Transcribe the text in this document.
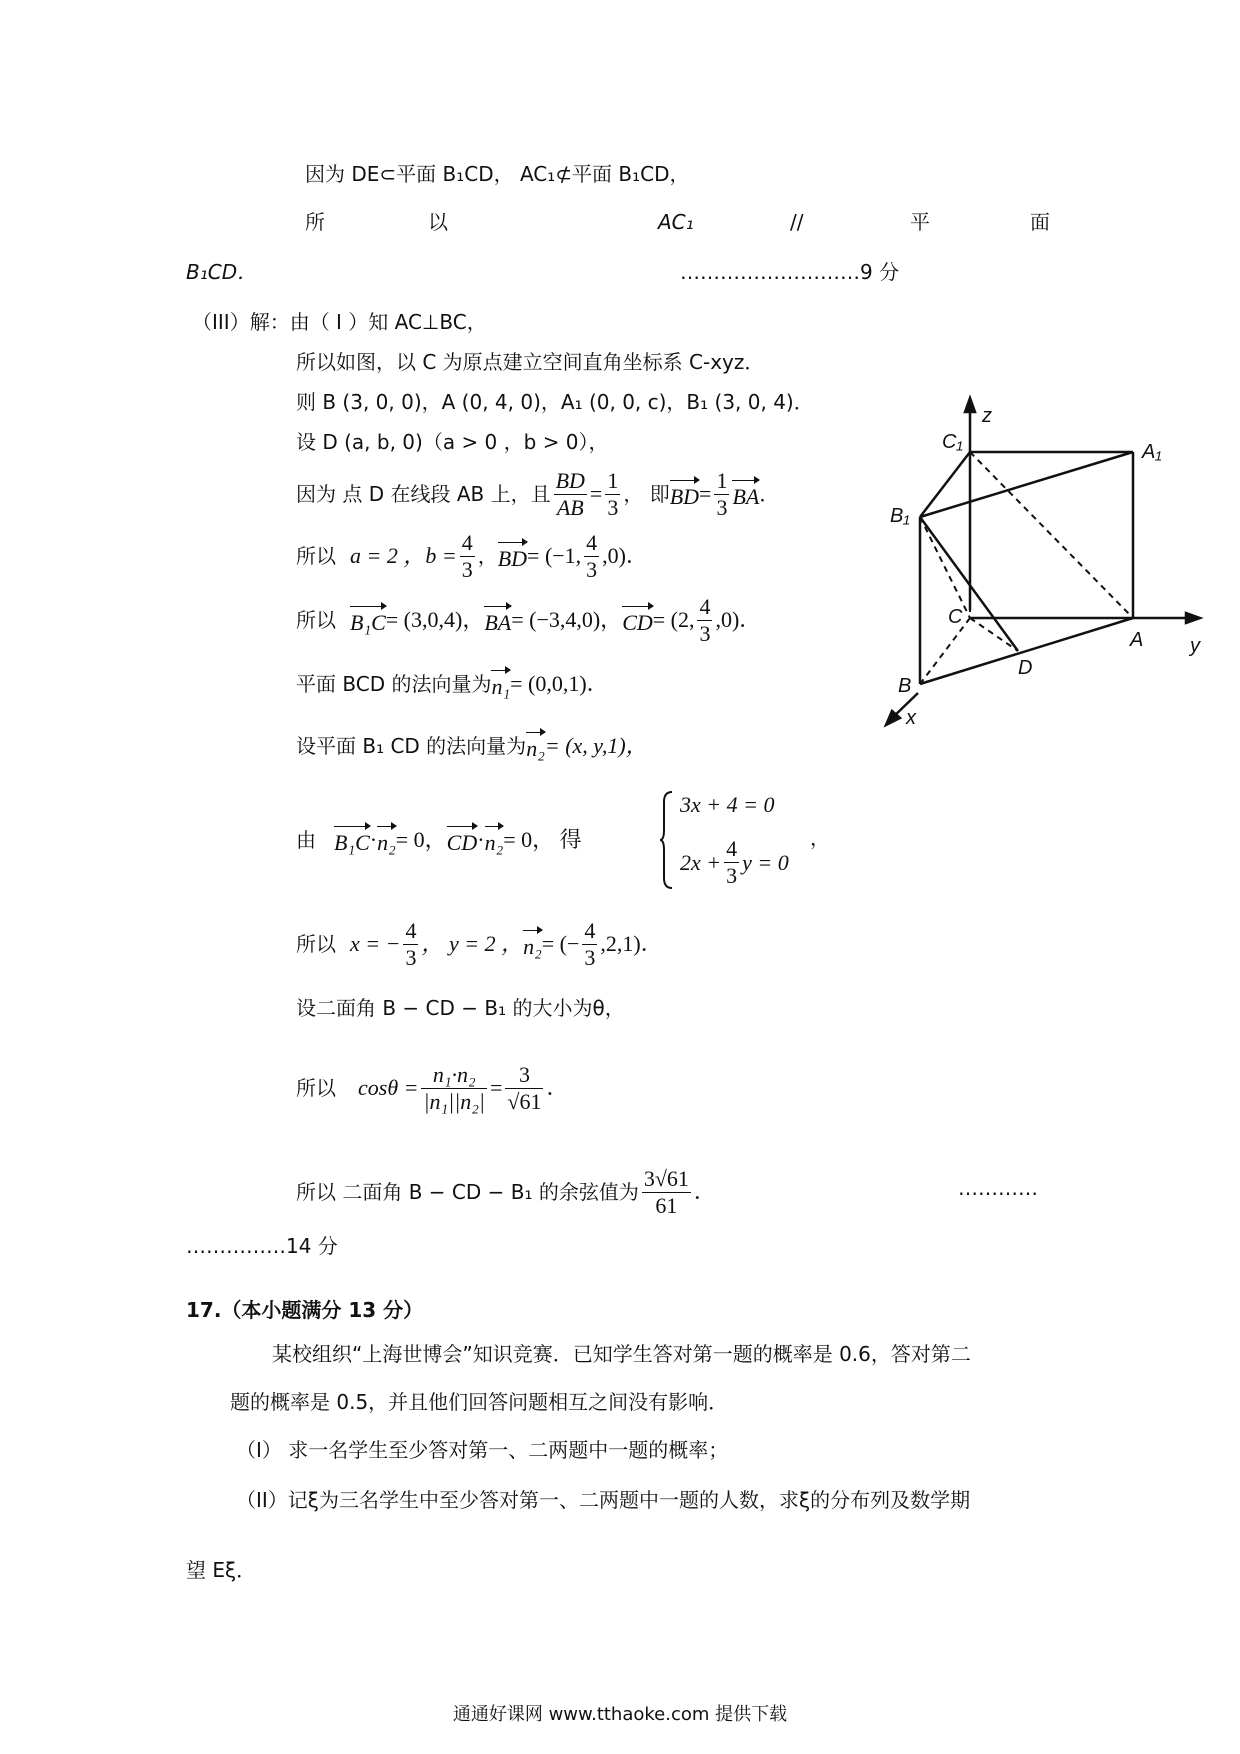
因为 DE⊂平面 B₁CD， AC₁⊄平面 B₁CD，
所	以	AC₁	//	平	面
B₁CD．	………………………9 分
（III）解：由（ I ）知 AC⊥BC，
所以如图，以 C 为原点建立空间直角坐标系 C-xyz．
则 B (3, 0, 0)，A (0, 4, 0)，A₁ (0, 0, c)，B₁ (3, 0, 4)．
设 D (a, b, 0)（a > 0 ，b > 0），
因为 点 D 在线段 AB 上，且 $\frac{BD}{AB} = \frac{1}{3}$ ， 即 BD = $\frac{1}{3}$ BA ．
所以 a = 2 ，$b = \frac{4}{3}$ ， BD = (−1, $\frac{4}{3} ,0$)．
所以 B₁C = (3,0,4)， BA = (−3,4,0)， CD = (2, $\frac{4}{3} ,0$)．
平面 BCD 的法向量为 n₁ = (0,0,1)．
设平面 B₁ CD 的法向量为 n₂ = (x, y,1)，
由 B₁C · n₂ = 0， CD · n₂ = 0， 得
3x + 4 = 0
$2x + \frac{4}{3}$ y = 0
，
所以 x = − $\frac{4}{3}$ ， y = 2 ， n₂ = (− $\frac{4}{3} ,2,1$)．
设二面角 B − CD − B₁ 的大小为θ，
所以 $\cos\theta = \frac{\text{n₁·n₂}}{\text{|n₁||n₂|}} = \frac{3}{√61}$ ．
所以 二面角 B − CD − B₁ 的余弦值为 $\frac{3√61}{61}$ ．	…………
……………14 分
17.（本小题满分 13 分）
某校组织“上海世博会”知识竞赛．已知学生答对第一题的概率是 0.6，答对第二
题的概率是 0.5，并且他们回答问题相互之间没有影响．
（I） 求一名学生至少答对第一、二两题中一题的概率；
（II）记ξ为三名学生中至少答对第一、二两题中一题的人数，求ξ的分布列及数学期
望 Eξ．
z
y
x
C₁	A₁
B₁
C
A
B
D
通通好课网 www.tthaoke.com 提供下载
